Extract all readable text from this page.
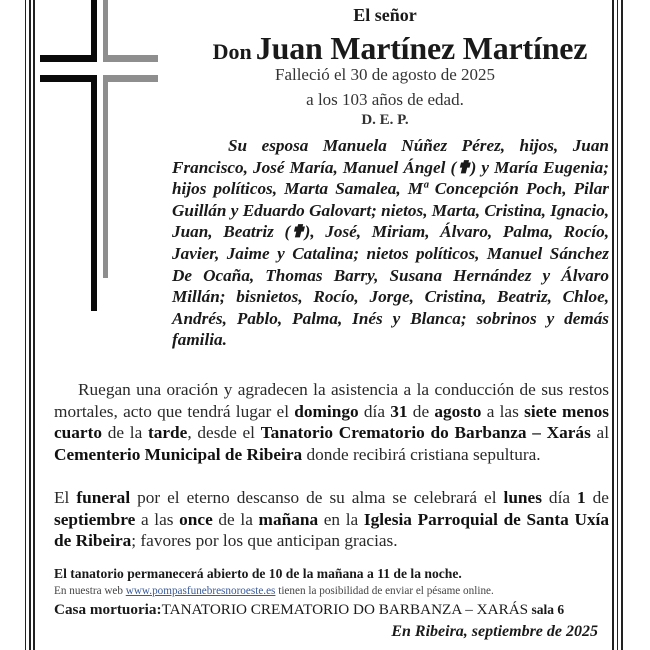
El señor
Don Juan Martínez Martínez
Falleció el 30 de agosto de 2025
a los 103 años de edad.
D. E. P.
Su esposa Manuela Núñez Pérez, hijos, Juan Francisco, José María, Manuel Ángel (✟) y María Eugenia; hijos políticos, Marta Samalea, Mª Concepción Poch, Pilar Guillán y Eduardo Galovart; nietos, Marta, Cristina, Ignacio, Juan, Beatriz (✟), José, Miriam, Álvaro, Palma, Rocío, Javier, Jaime y Catalina; nietos políticos, Manuel Sánchez De Ocaña, Thomas Barry, Susana Hernández y Álvaro Millán; bisnietos, Rocío, Jorge, Cristina, Beatriz, Chloe, Andrés, Pablo, Palma, Inés y Blanca; sobrinos y demás familia.
Ruegan una oración y agradecen la asistencia a la conducción de sus restos mortales, acto que tendrá lugar el domingo día 31 de agosto a las siete menos cuarto de la tarde, desde el Tanatorio Crematorio do Barbanza – Xarás al Cementerio Municipal de Ribeira donde recibirá cristiana sepultura.
El funeral por el eterno descanso de su alma se celebrará el lunes día 1 de septiembre a las once de la mañana en la Iglesia Parroquial de Santa Uxía de Ribeira; favores por los que anticipan gracias.
El tanatorio permanecerá abierto de 10 de la mañana a 11 de la noche.
En nuestra web www.pompasfunebresnoroeste.es tienen la posibilidad de enviar el pésame online.
Casa mortuoria:TANATORIO CREMATORIO DO BARBANZA – XARÁS sala 6
En Ribeira, septiembre de 2025
